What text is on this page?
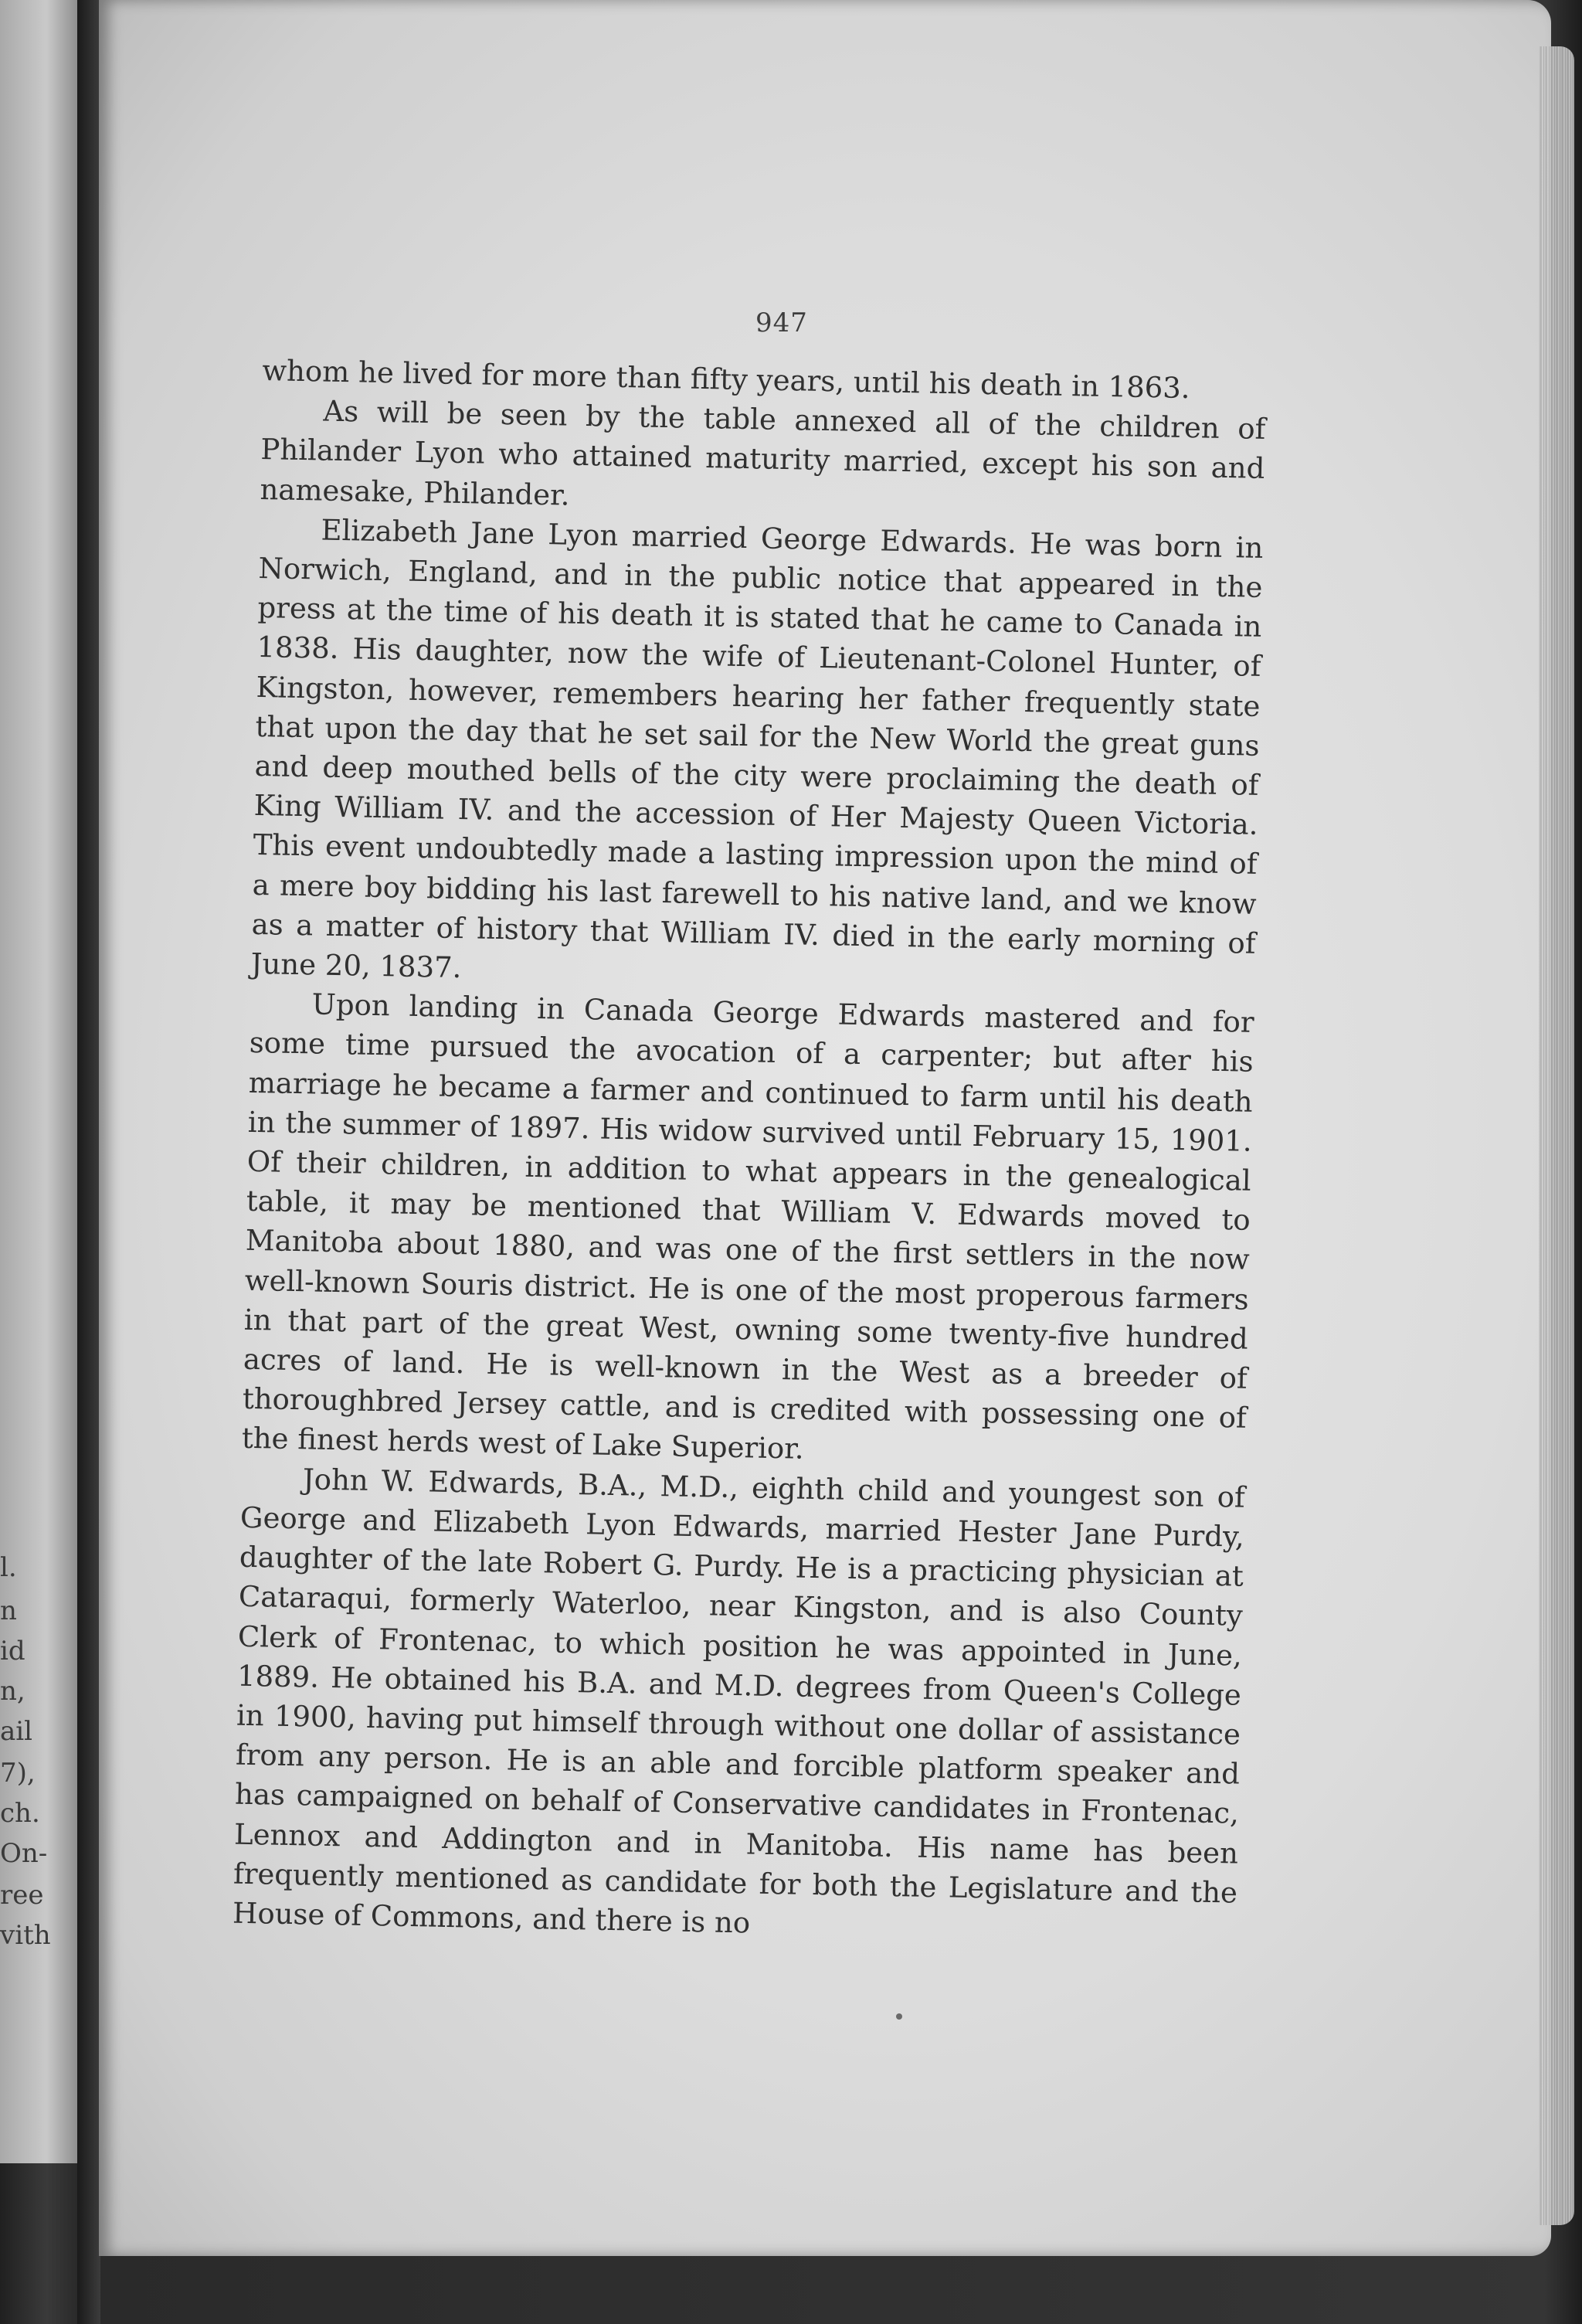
l.
n
id
n,
ail
7),
ch.
On-
ree
vith
947

whom he lived for more than fifty years, until his death in 1863.

As will be seen by the table annexed all of the children of Philander Lyon who attained maturity married, except his son and namesake, Philander.

Elizabeth Jane Lyon married George Edwards. He was born in Norwich, England, and in the public notice that appeared in the press at the time of his death it is stated that he came to Canada in 1838. His daughter, now the wife of Lieutenant-Colonel Hunter, of Kingston, however, remembers hearing her father frequently state that upon the day that he set sail for the New World the great guns and deep mouthed bells of the city were proclaiming the death of King William IV. and the accession of Her Majesty Queen Victoria. This event undoubtedly made a lasting impression upon the mind of a mere boy bidding his last farewell to his native land, and we know as a matter of history that William IV. died in the early morning of June 20, 1837.

Upon landing in Canada George Edwards mastered and for some time pursued the avocation of a carpenter; but after his marriage he became a farmer and continued to farm until his death in the summer of 1897. His widow survived until February 15, 1901. Of their children, in addition to what appears in the genealogical table, it may be mentioned that William V. Edwards moved to Manitoba about 1880, and was one of the first settlers in the now well-known Souris district. He is one of the most properous farmers in that part of the great West, owning some twenty-five hundred acres of land. He is well-known in the West as a breeder of thoroughbred Jersey cattle, and is credited with possessing one of the finest herds west of Lake Superior.

John W. Edwards, B.A., M.D., eighth child and youngest son of George and Elizabeth Lyon Edwards, married Hester Jane Purdy, daughter of the late Robert G. Purdy. He is a practicing physician at Cataraqui, formerly Waterloo, near Kingston, and is also County Clerk of Frontenac, to which position he was appointed in June, 1889. He obtained his B.A. and M.D. degrees from Queen's College in 1900, having put himself through without one dollar of assistance from any person. He is an able and forcible platform speaker and has campaigned on behalf of Conservative candidates in Frontenac, Lennox and Addington and in Manitoba. His name has been frequently mentioned as candidate for both the Legislature and the House of Commons, and there is no
